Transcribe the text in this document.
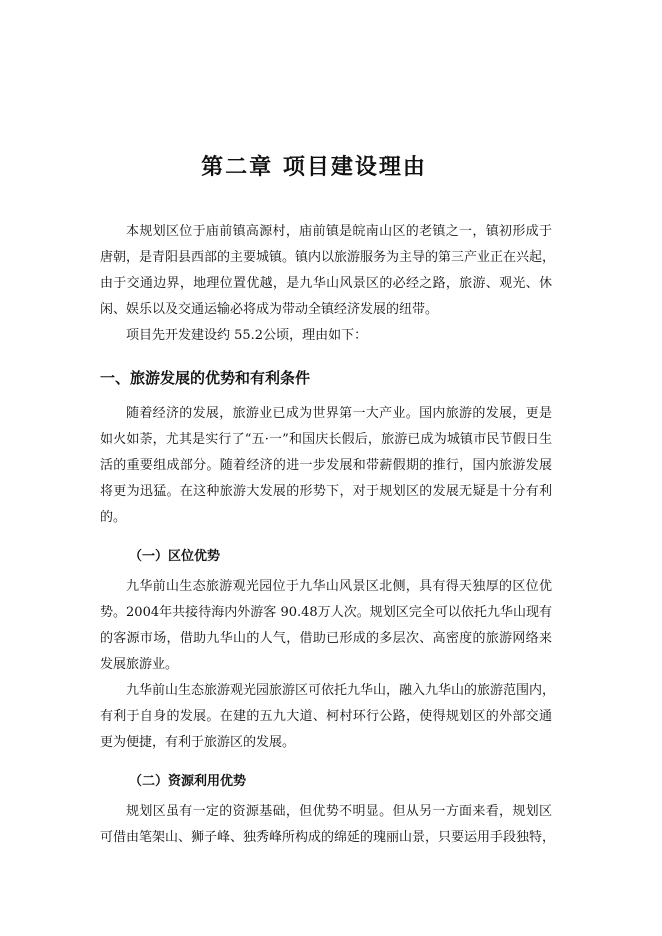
第二章 项目建设理由
本规划区位于庙前镇高源村，庙前镇是皖南山区的老镇之一，镇初形成于
唐朝，是青阳县西部的主要城镇。镇内以旅游服务为主导的第三产业正在兴起，
由于交通边界，地理位置优越，是九华山风景区的必经之路，旅游、观光、休
闲、娱乐以及交通运输必将成为带动全镇经济发展的纽带。
项目先开发建设约 55.2公顷，理由如下：
一、旅游发展的优势和有利条件
随着经济的发展，旅游业已成为世界第一大产业。国内旅游的发展，更是
如火如荼，尤其是实行了“五·一”和国庆长假后，旅游已成为城镇市民节假日生
活的重要组成部分。随着经济的进一步发展和带薪假期的推行，国内旅游发展
将更为迅猛。在这种旅游大发展的形势下，对于规划区的发展无疑是十分有利
的。
（一）区位优势
九华前山生态旅游观光园位于九华山风景区北侧，具有得天独厚的区位优
势。2004年共接待海内外游客 90.48万人次。规划区完全可以依托九华山现有
的客源市场，借助九华山的人气，借助已形成的多层次、高密度的旅游网络来
发展旅游业。
九华前山生态旅游观光园旅游区可依托九华山，融入九华山的旅游范围内，
有利于自身的发展。在建的五九大道、柯村环行公路，使得规划区的外部交通
更为便捷，有利于旅游区的发展。
（二）资源利用优势
规划区虽有一定的资源基础，但优势不明显。但从另一方面来看，规划区
可借由笔架山、狮子峰、独秀峰所构成的绵延的瑰丽山景，只要运用手段独特，
